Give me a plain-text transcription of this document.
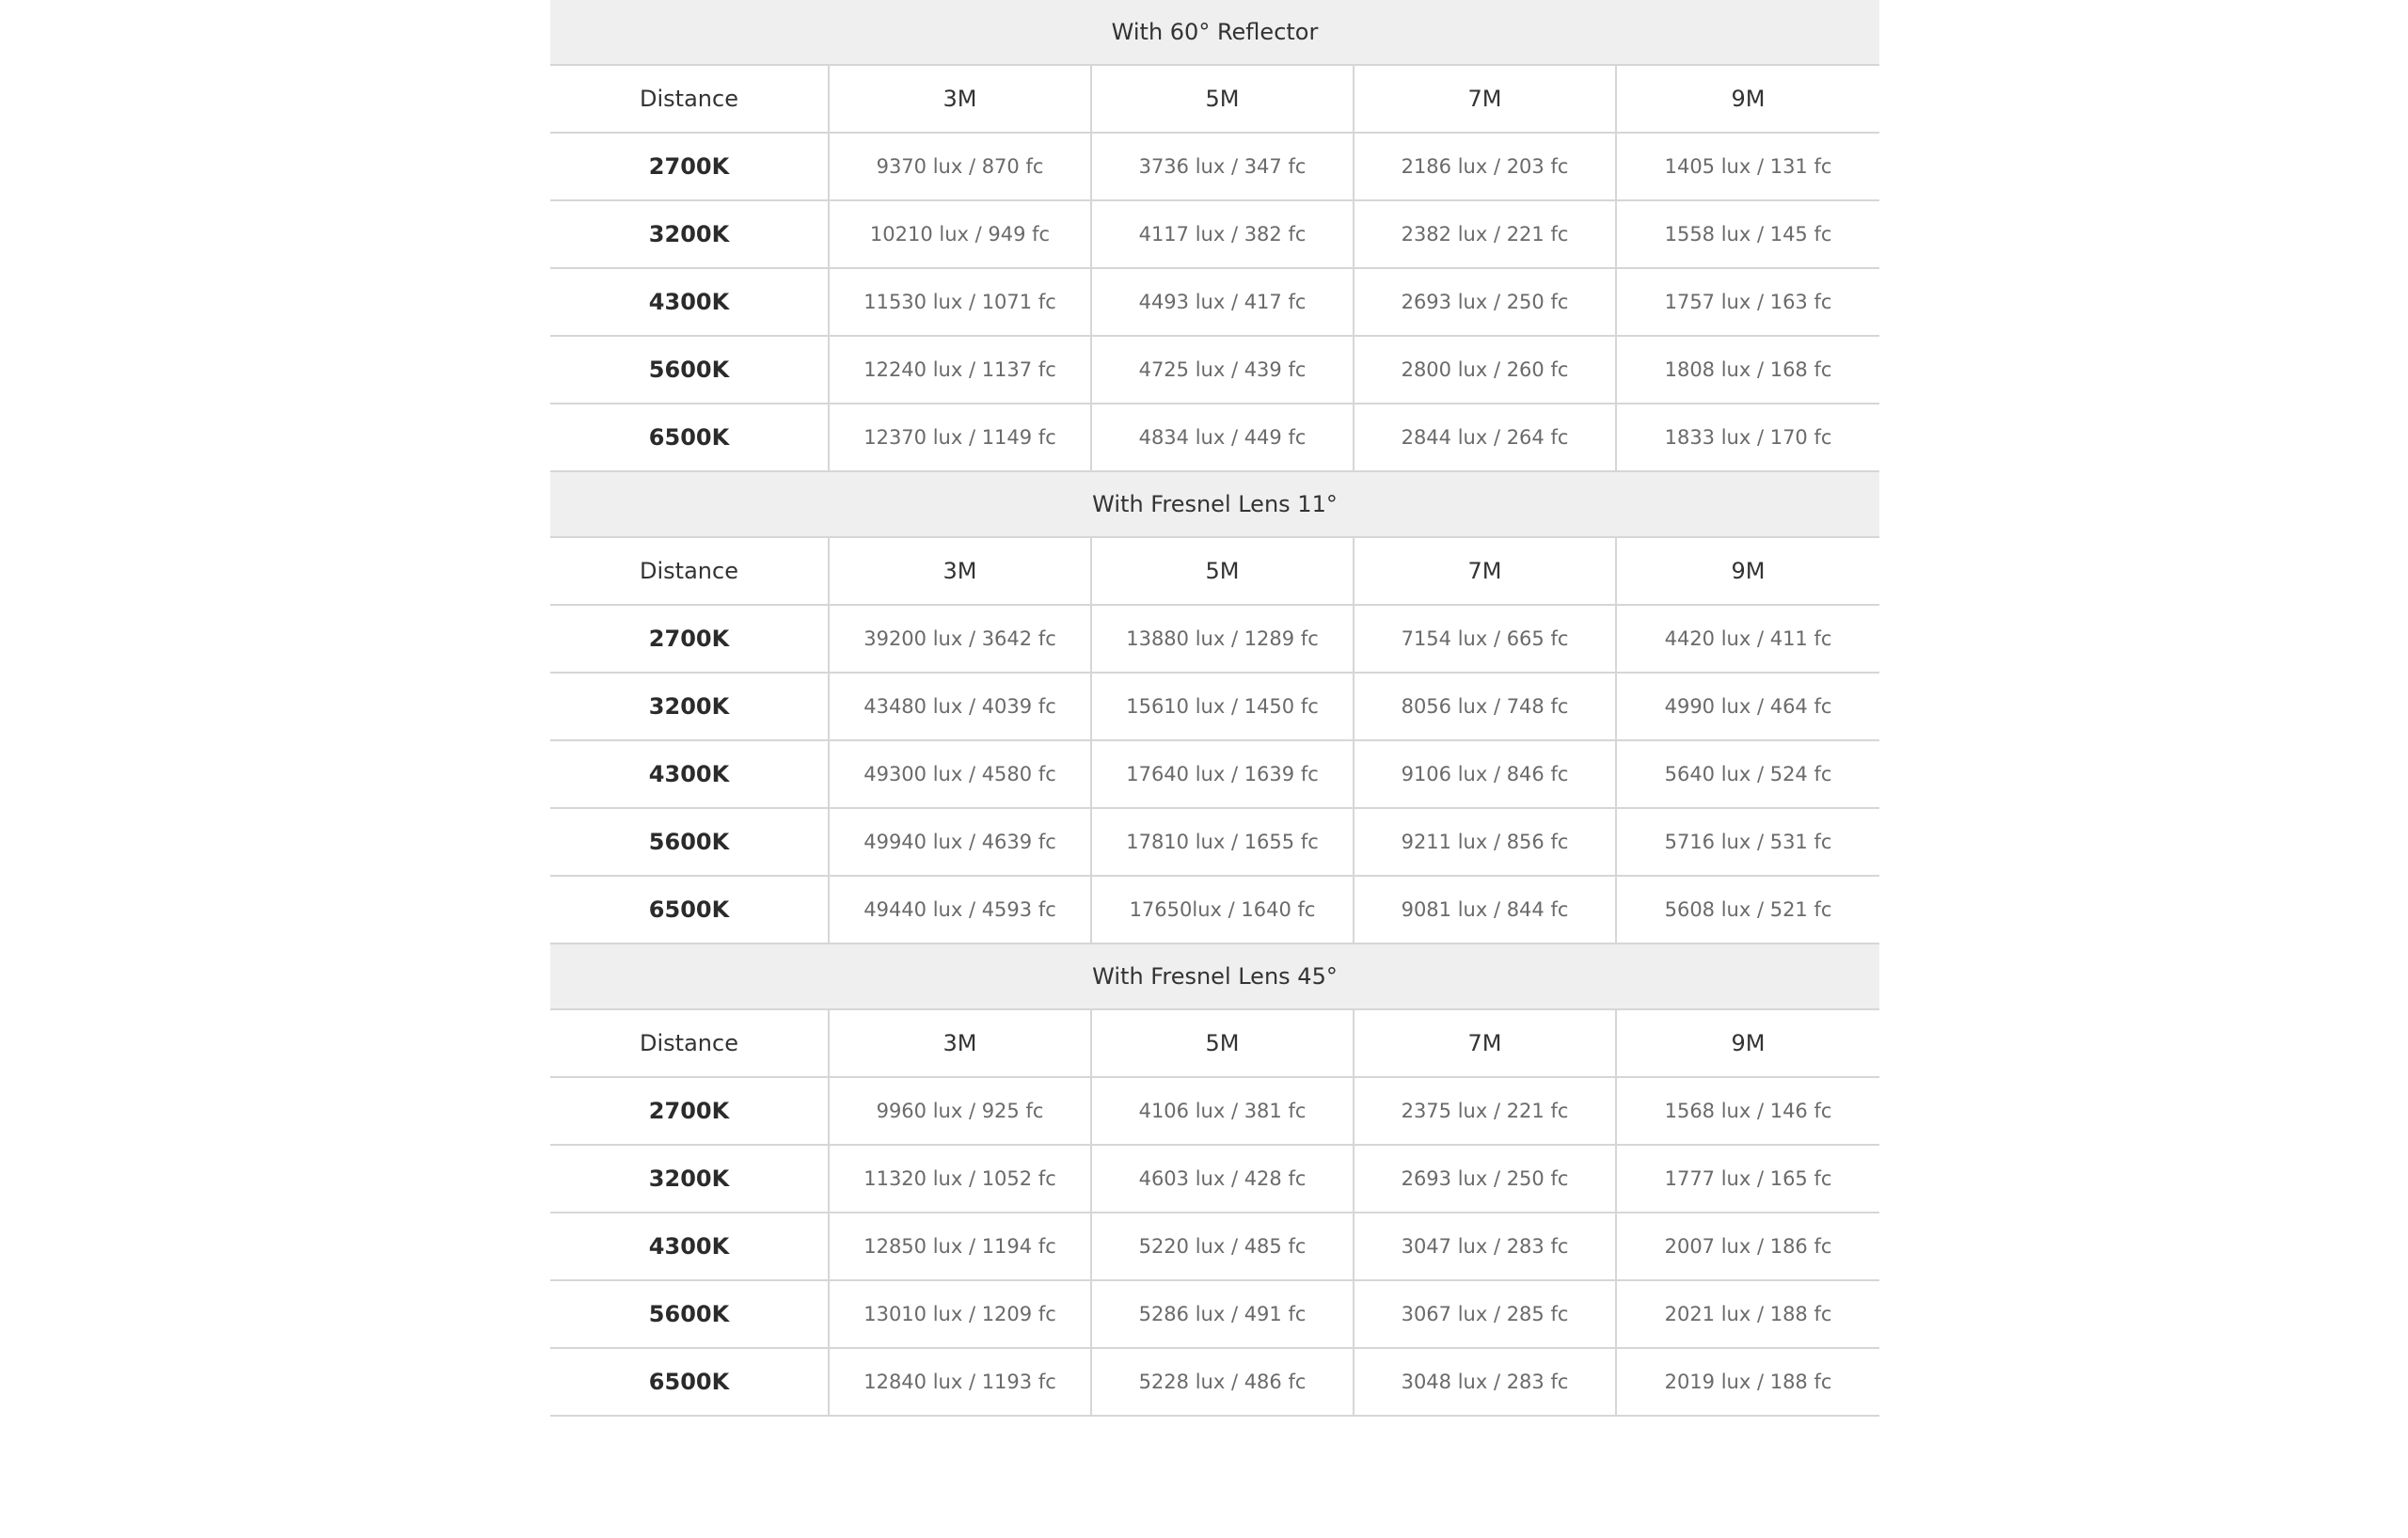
With 60° Reflector				
Distance	3M	5M	7M	9M
2700K	9370 lux / 870 fc	3736 lux / 347 fc	2186 lux / 203 fc	1405 lux / 131 fc
3200K	10210 lux / 949 fc	4117 lux / 382 fc	2382 lux / 221 fc	1558 lux / 145 fc
4300K	11530 lux / 1071 fc	4493 lux / 417 fc	2693 lux / 250 fc	1757 lux / 163 fc
5600K	12240 lux / 1137 fc	4725 lux / 439 fc	2800 lux / 260 fc	1808 lux / 168 fc
6500K	12370 lux / 1149 fc	4834 lux / 449 fc	2844 lux / 264 fc	1833 lux / 170 fc
With Fresnel Lens 11°				
Distance	3M	5M	7M	9M
2700K	39200 lux / 3642 fc	13880 lux / 1289 fc	7154 lux / 665 fc	4420 lux / 411 fc
3200K	43480 lux / 4039 fc	15610 lux / 1450 fc	8056 lux / 748 fc	4990 lux / 464 fc
4300K	49300 lux / 4580 fc	17640 lux / 1639 fc	9106 lux / 846 fc	5640 lux / 524 fc
5600K	49940 lux / 4639 fc	17810 lux / 1655 fc	9211 lux / 856 fc	5716 lux / 531 fc
6500K	49440 lux / 4593 fc	17650lux / 1640 fc	9081 lux / 844 fc	5608 lux / 521 fc
With Fresnel Lens 45°				
Distance	3M	5M	7M	9M
2700K	9960 lux / 925 fc	4106 lux / 381 fc	2375 lux / 221 fc	1568 lux / 146 fc
3200K	11320 lux / 1052 fc	4603 lux / 428 fc	2693 lux / 250 fc	1777 lux / 165 fc
4300K	12850 lux / 1194 fc	5220 lux / 485 fc	3047 lux / 283 fc	2007 lux / 186 fc
5600K	13010 lux / 1209 fc	5286 lux / 491 fc	3067 lux / 285 fc	2021 lux / 188 fc
6500K	12840 lux / 1193 fc	5228 lux / 486 fc	3048 lux / 283 fc	2019 lux / 188 fc
